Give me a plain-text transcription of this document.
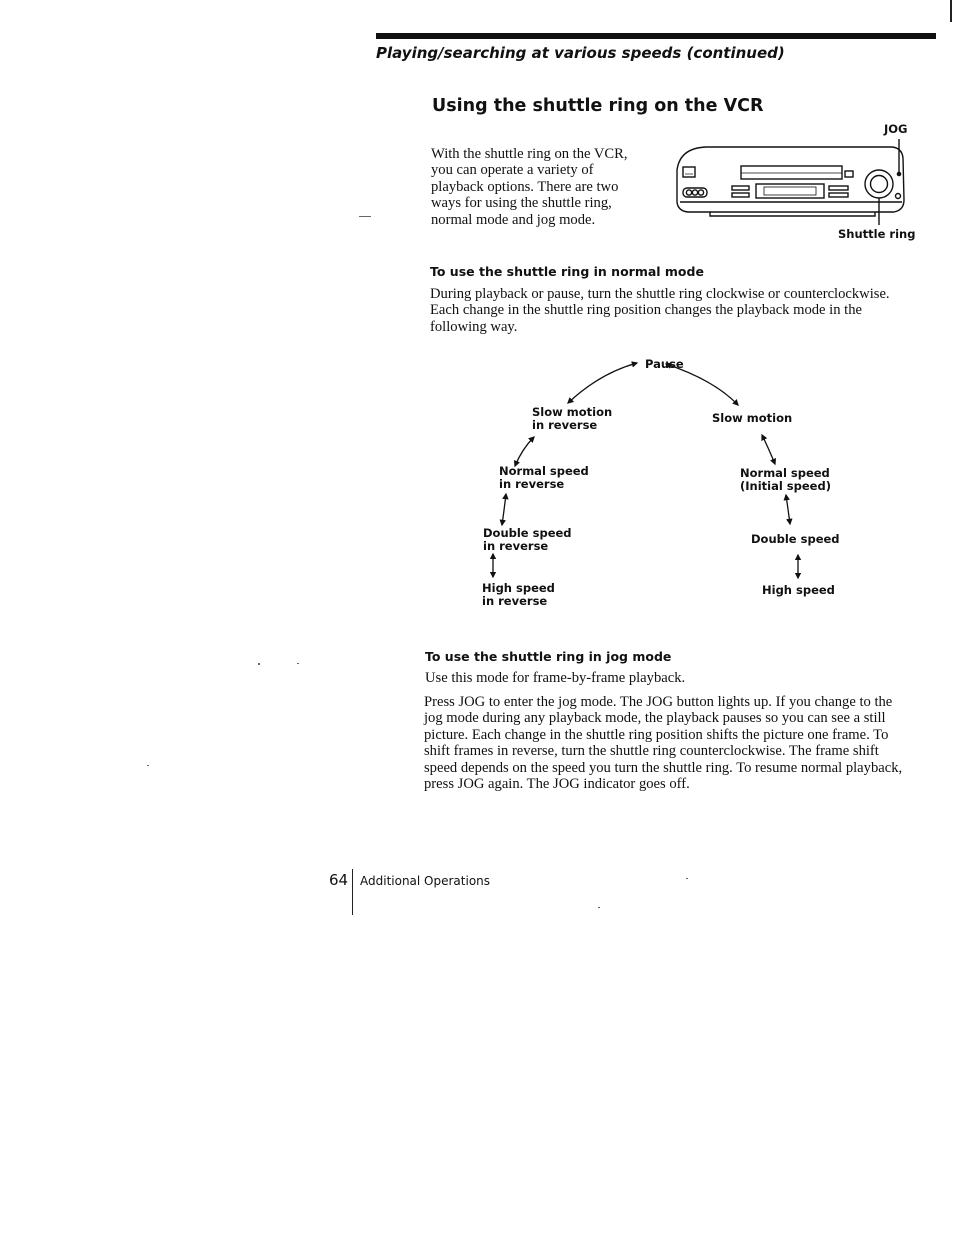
Playing/searching at various speeds (continued)
Using the shuttle ring on the VCR
With the shuttle ring on the VCR, you can operate a variety of playback options. There are two ways for using the shuttle ring, normal mode and jog mode.
JOG
Shuttle ring
To use the shuttle ring in normal mode
During playback or pause, turn the shuttle ring clockwise or counterclockwise. Each change in the shuttle ring position changes the playback mode in the following way.
Pause
Slow motion
in reverse	Slow motion
Normal speed
in reverse
Normal speed
(Initial speed)
Double speed
in reverse	Double speed
High speed
in reverse
High speed
To use the shuttle ring in jog mode
Use this mode for frame-by-frame playback.
Press JOG to enter the jog mode. The JOG button lights up. If you change to the jog mode during any playback mode, the playback pauses so you can see a still picture. Each change in the shuttle ring position shifts the picture one frame. To shift frames in reverse, turn the shuttle ring counterclockwise. The frame shift speed depends on the speed you turn the shuttle ring. To resume normal playback, press JOG again. The JOG indicator goes off.
64 Additional Operations
